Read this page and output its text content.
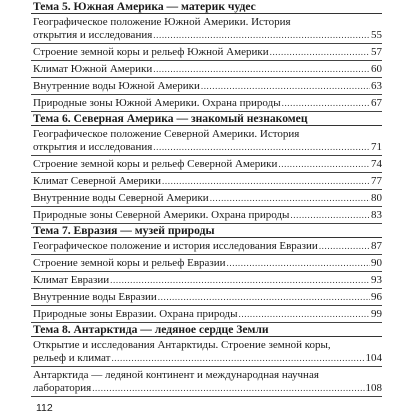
Тема 5. Южная Америка — материк чудес
Географическое положение Южной Америки. История
открытия и исследования .....	55
Строение земной коры и рельеф Южной Америки .....	57
Климат Южной Америки .....	60
Внутренние воды Южной Америки .....	63
Природные зоны Южной Америки. Охрана природы .....	67
Тема 6. Северная Америка — знакомый незнакомец
Географическое положение Северной Америки. История
открытия и исследования .....	71
Строение земной коры и рельеф Северной Америки .....	74
Климат Северной Америки .....	77
Внутренние воды Северной Америки .....	80
Природные зоны Северной Америки. Охрана природы .....	83
Тема 7. Евразия — музей природы
Географическое положение и история исследования Евразии .....	87
Строение земной коры и рельеф Евразии .....	90
Климат Евразии .....	93
Внутренние воды Евразии .....	96
Природные зоны Евразии. Охрана природы .....	99
Тема 8. Антарктида — ледяное сердце Земли
Открытие и исследования Антарктиды. Строение земной коры,
рельеф и климат .....	104
Антарктида — ледяной континент и международная научная
лаборатория .....	108
112
